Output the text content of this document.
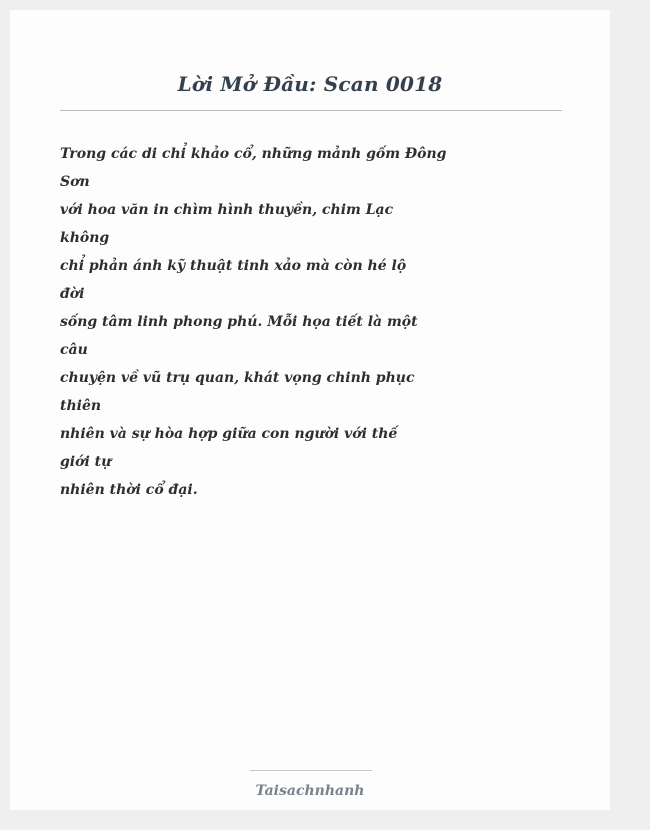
Lời Mở Đầu: Scan 0018
Trong các di chỉ khảo cổ, những mảnh gốm Đông
Sơn
với hoa văn in chìm hình thuyền, chim Lạc
không
chỉ phản ánh kỹ thuật tinh xảo mà còn hé lộ
đời
sống tâm linh phong phú. Mỗi họa tiết là một
câu
chuyện về vũ trụ quan, khát vọng chinh phục
thiên
nhiên và sự hòa hợp giữa con người với thế
giới tự
nhiên thời cổ đại.
Taisachnhanh
